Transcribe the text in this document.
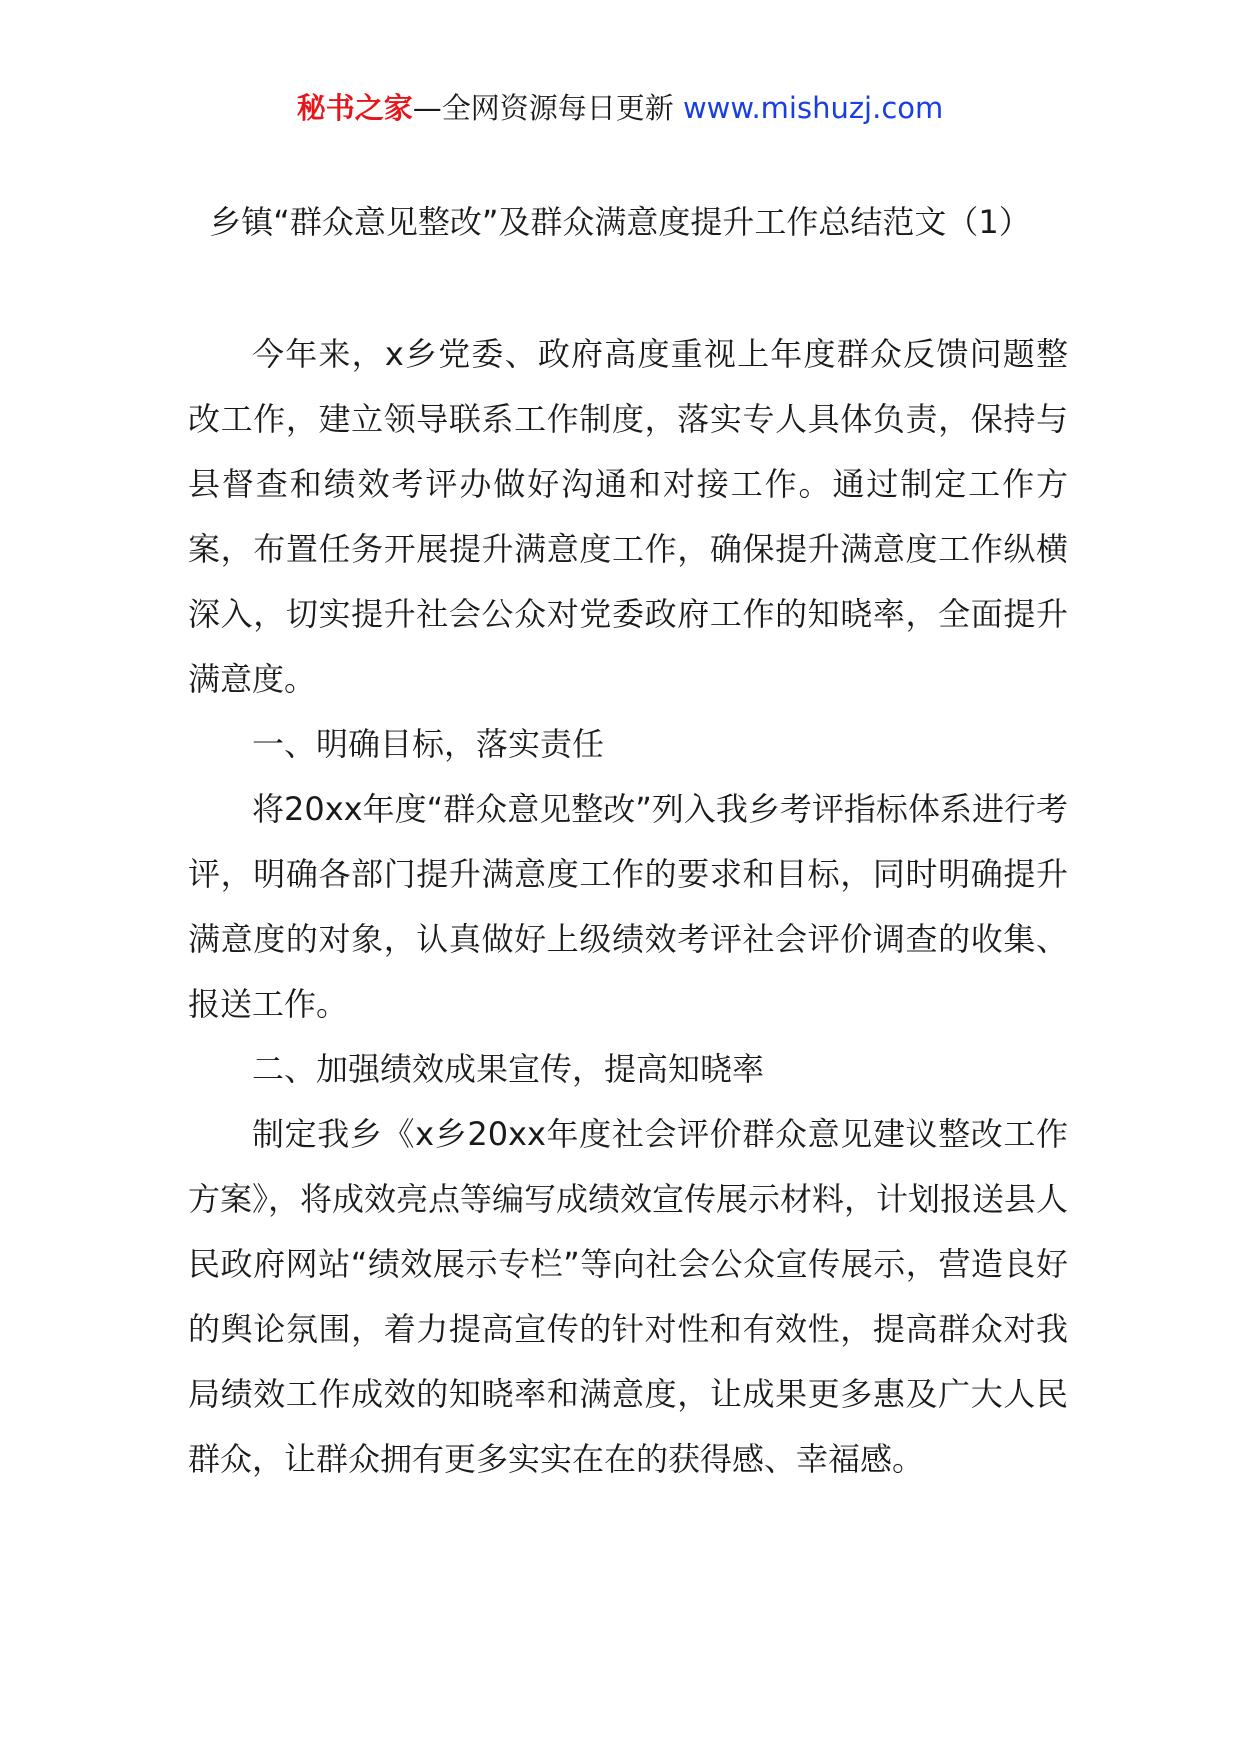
秘书之家—全网资源每日更新 www.mishuzj.com
乡镇“群众意见整改”及群众满意度提升工作总结范文（1）

今年来，x乡党委、政府高度重视上年度群众反馈问题整改工作，建立领导联系工作制度，落实专人具体负责，保持与县督查和绩效考评办做好沟通和对接工作。通过制定工作方案，布置任务开展提升满意度工作，确保提升满意度工作纵横深入，切实提升社会公众对党委政府工作的知晓率，全面提升满意度。

一、明确目标，落实责任

将20xx年度“群众意见整改”列入我乡考评指标体系进行考评，明确各部门提升满意度工作的要求和目标，同时明确提升满意度的对象，认真做好上级绩效考评社会评价调查的收集、报送工作。

二、加强绩效成果宣传，提高知晓率

制定我乡《x乡20xx年度社会评价群众意见建议整改工作方案》，将成效亮点等编写成绩效宣传展示材料，计划报送县人民政府网站“绩效展示专栏”等向社会公众宣传展示，营造良好的舆论氛围，着力提高宣传的针对性和有效性，提高群众对我局绩效工作成效的知晓率和满意度，让成果更多惠及广大人民群众，让群众拥有更多实实在在的获得感、幸福感。
